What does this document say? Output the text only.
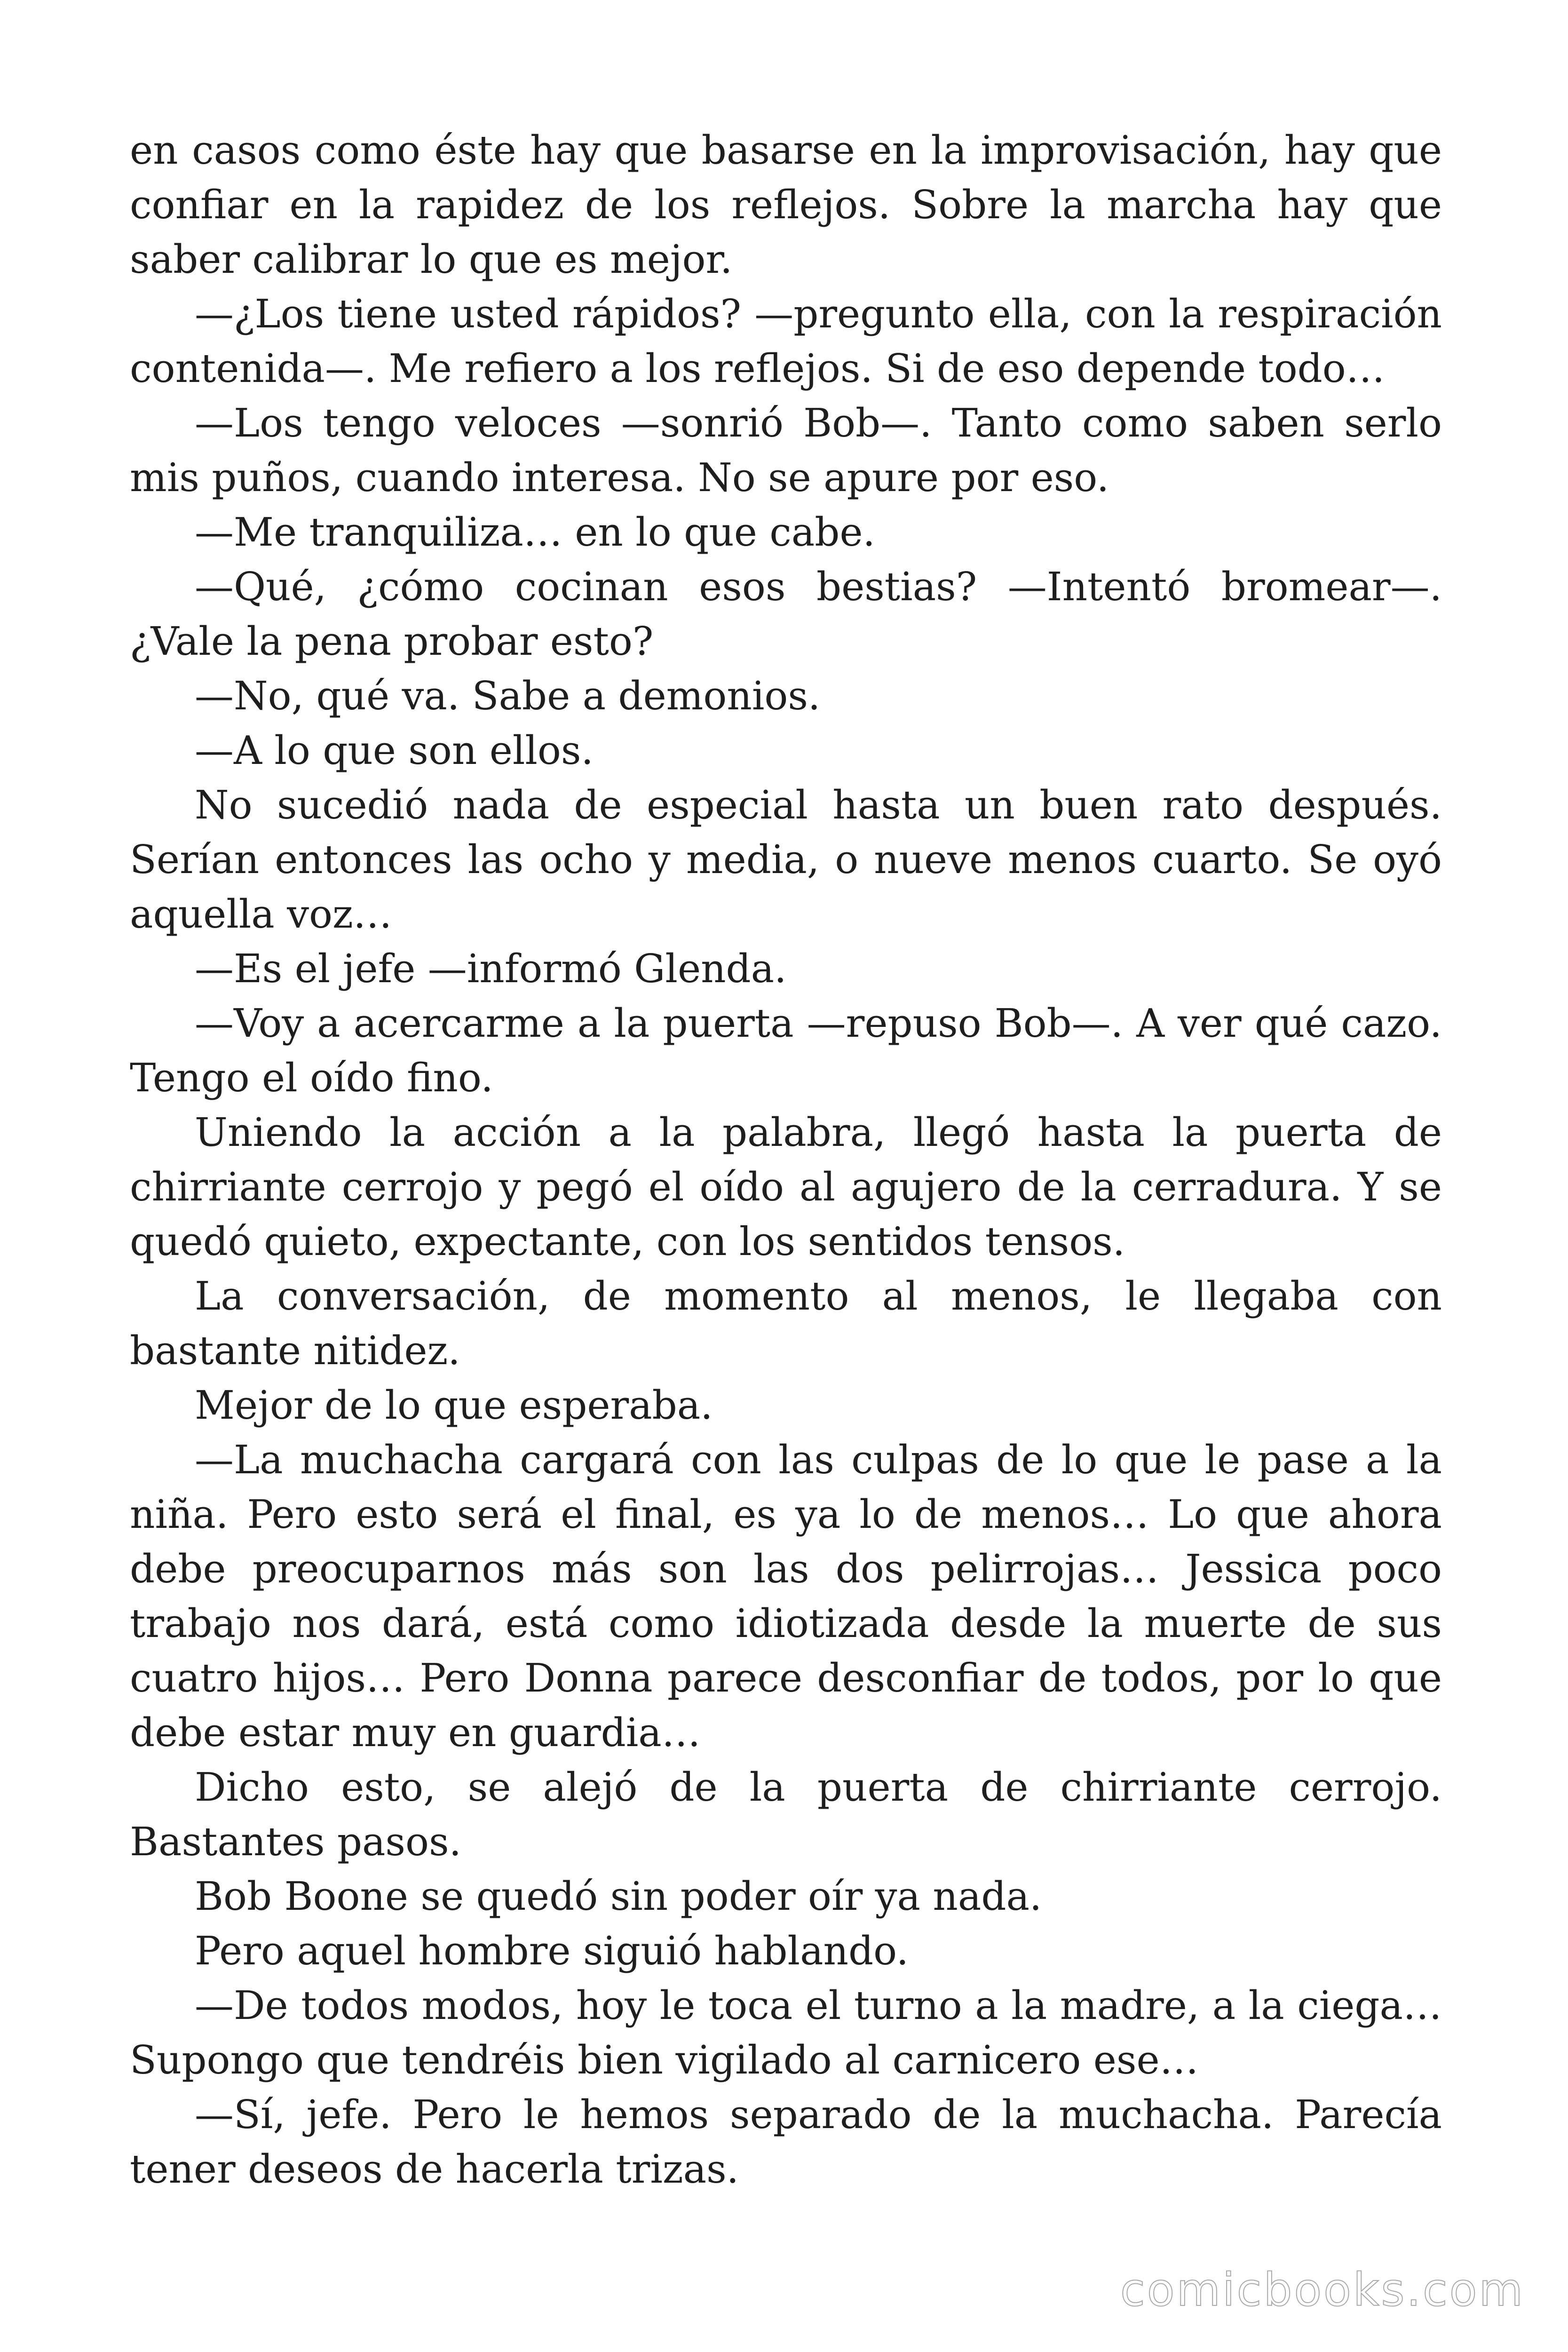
en casos como éste hay que basarse en la improvisación, hay que confiar en la rapidez de los reflejos. Sobre la marcha hay que saber calibrar lo que es mejor.

—¿Los tiene usted rápidos? —pregunto ella, con la respiración contenida—. Me refiero a los reflejos. Si de eso depende todo…

—Los tengo veloces —sonrió Bob—. Tanto como saben serlo mis puños, cuando interesa. No se apure por eso.

—Me tranquiliza… en lo que cabe.

—Qué, ¿cómo cocinan esos bestias? —Intentó bromear—. ¿Vale la pena probar esto?

—No, qué va. Sabe a demonios.

—A lo que son ellos.

No sucedió nada de especial hasta un buen rato después. Serían entonces las ocho y media, o nueve menos cuarto. Se oyó aquella voz…

—Es el jefe —informó Glenda.

—Voy a acercarme a la puerta —repuso Bob—. A ver qué cazo. Tengo el oído fino.

Uniendo la acción a la palabra, llegó hasta la puerta de chirriante cerrojo y pegó el oído al agujero de la cerradura. Y se quedó quieto, expectante, con los sentidos tensos.

La conversación, de momento al menos, le llegaba con bastante nitidez.

Mejor de lo que esperaba.

—La muchacha cargará con las culpas de lo que le pase a la niña. Pero esto será el final, es ya lo de menos… Lo que ahora debe preocuparnos más son las dos pelirrojas… Jessica poco trabajo nos dará, está como idiotizada desde la muerte de sus cuatro hijos… Pero Donna parece desconfiar de todos, por lo que debe estar muy en guardia…

Dicho esto, se alejó de la puerta de chirriante cerrojo. Bastantes pasos.

Bob Boone se quedó sin poder oír ya nada.

Pero aquel hombre siguió hablando.

—De todos modos, hoy le toca el turno a la madre, a la ciega… Supongo que tendréis bien vigilado al carnicero ese…

—Sí, jefe. Pero le hemos separado de la muchacha. Parecía tener deseos de hacerla trizas.

comicbooks.com
